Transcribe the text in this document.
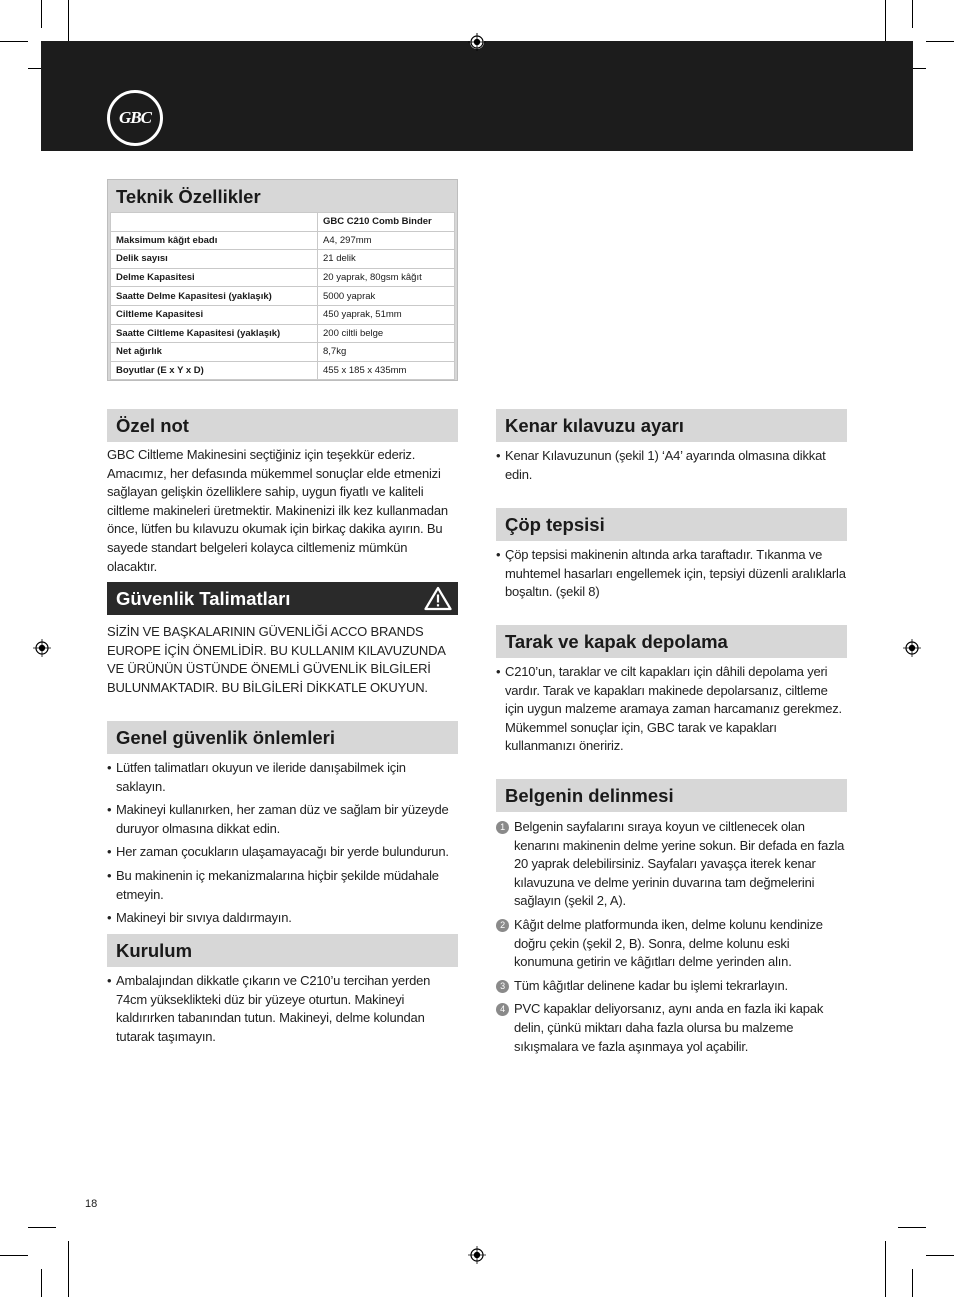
GBC
Teknik Özellikler
	GBC C210 Comb Binder
Maksimum kâğıt ebadı	A4, 297mm
Delik sayısı	21 delik
Delme Kapasitesi	20 yaprak, 80gsm kâğıt
Saatte Delme Kapasitesi (yaklaşık)	5000 yaprak
Ciltleme Kapasitesi	450 yaprak, 51mm
Saatte Ciltleme Kapasitesi (yaklaşık)	200 ciltli belge
Net ağırlık	8,7kg
Boyutlar (E x Y x D)	455 x 185 x 435mm
Özel not
GBC Ciltleme Makinesini seçtiğiniz için teşekkür ederiz. Amacımız, her defasında mükemmel sonuçlar elde etmenizi sağlayan gelişkin özelliklere sahip, uygun fiyatlı ve kaliteli ciltleme makineleri üretmektir. Makinenizi ilk kez kullanmadan önce, lütfen bu kılavuzu okumak için birkaç dakika ayırın. Bu sayede standart belgeleri kolayca ciltlemeniz mümkün olacaktır.
Güvenlik Talimatları
SİZİN VE BAŞKALARININ GÜVENLİĞİ ACCO BRANDS EUROPE İÇİN ÖNEMLİDİR. BU KULLANIM KILAVUZUNDA VE ÜRÜNÜN ÜSTÜNDE ÖNEMLİ GÜVENLİK BİLGİLERİ BULUNMAKTADIR. BU BİLGİLERİ DİKKATLE OKUYUN.
Genel güvenlik önlemleri
• Lütfen talimatları okuyun ve ileride danışabilmek için saklayın.
• Makineyi kullanırken, her zaman düz ve sağlam bir yüzeyde duruyor olmasına dikkat edin.
• Her zaman çocukların ulaşamayacağı bir yerde bulundurun.
• Bu makinenin iç mekanizmalarına hiçbir şekilde müdahale etmeyin.
• Makineyi bir sıvıya daldırmayın.
Kurulum
• Ambalajından dikkatle çıkarın ve C210’u tercihan yerden 74cm yükseklikteki düz bir yüzeye oturtun. Makineyi kaldırırken tabanından tutun. Makineyi, delme kolundan tutarak taşımayın.
Kenar kılavuzu ayarı
• Kenar Kılavuzunun (şekil 1) ‘A4’ ayarında olmasına dikkat edin.
Çöp tepsisi
• Çöp tepsisi makinenin altında arka taraftadır. Tıkanma ve muhtemel hasarları engellemek için, tepsiyi düzenli aralıklarla boşaltın. (şekil 8)
Tarak ve kapak depolama
• C210’un, taraklar ve cilt kapakları için dâhili depolama yeri vardır. Tarak ve kapakları makinede depolarsanız, ciltleme için uygun malzeme aramaya zaman harcamanız gerekmez. Mükemmel sonuçlar için, GBC tarak ve kapakları kullanmanızı öneririz.
Belgenin delinmesi
1 Belgenin sayfalarını sıraya koyun ve ciltlenecek olan kenarını makinenin delme yerine sokun. Bir defada en fazla 20 yaprak delebilirsiniz. Sayfaları yavaşça iterek kenar kılavuzuna ve delme yerinin duvarına tam değmelerini sağlayın (şekil 2, A).
2 Kâğıt delme platformunda iken, delme kolunu kendinize doğru çekin (şekil 2, B). Sonra, delme kolunu eski konumuna getirin ve kâğıtları delme yerinden alın.
3 Tüm kâğıtlar delinene kadar bu işlemi tekrarlayın.
4 PVC kapaklar deliyorsanız, aynı anda en fazla iki kapak delin, çünkü miktarı daha fazla olursa bu malzeme sıkışmalara ve fazla aşınmaya yol açabilir.
18
